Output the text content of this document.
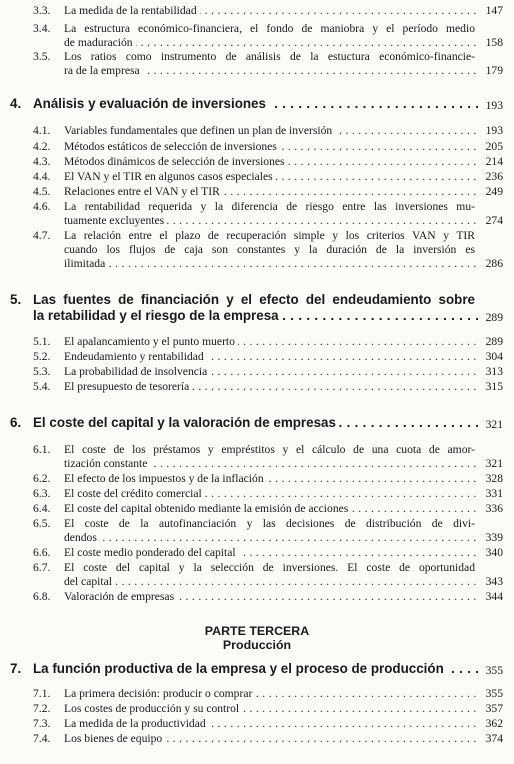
3.3. La medida de la rentabilidad . . .	147
3.4. La estructura económico-financiera, el fondo de maniobra y el período medio
de maduración . . .	158
3.5. Los ratios como instrumento de análisis de la estuctura económico-financie-
ra de la empresa . . .	179
4. Análisis y evaluación de inversiones . . .	193
4.1. Variables fundamentales que definen un plan de inversión . . .	193
4.2. Métodos estáticos de selección de inversiones . . .	205
4.3. Métodos dinámicos de selección de inversiones . . .	214
4.4. El VAN y el TIR en algunos casos especiales . . .	236
4.5. Relaciones entre el VAN y el TIR . . .	249
4.6. La rentabilidad requerida y la diferencia de riesgo entre las inversiones mu-
tuamente excluyentes . . .	274
4.7. La relación entre el plazo de recuperación simple y los criterios VAN y TIR
cuando los flujos de caja son constantes y la duración de la inversión es
ilimitada . . .	286
5. Las fuentes de financiación y el efecto del endeudamiento sobre
la retabilidad y el riesgo de la empresa . . .	289
5.1. El apalancamiento y el punto muerto . . .	289
5.2. Endeudamiento y rentabilidad . . .	304
5.3. La probabilidad de insolvencia . . .	313
5.4. El presupuesto de tesorería . . .	315
6. El coste del capital y la valoración de empresas . . .	321
6.1. El coste de los préstamos y empréstitos y el cálculo de una cuota de amor-
tización constante . . .	321
6.2. El efecto de los impuestos y de la inflación . . .	328
6.3. El coste del crédito comercial . . .	331
6.4. El coste del capital obtenido mediante la emisión de acciones . . .	336
6.5. El coste de la autofinanciación y las decisiones de distribución de divi-
dendos . . .	339
6.6. El coste medio ponderado del capital . . .	340
6.7. El coste del capital y la selección de inversiones. El coste de oportunidad
del capital . . .	343
6.8. Valoración de empresas . . .	344
7. La función productiva de la empresa y el proceso de producción . . .	355
7.1. La primera decisión: producir o comprar . . .	355
7.2. Los costes de producción y su control . . .	357
7.3. La medida de la productividad . . .	362
7.4. Los bienes de equipo . . .	374
PARTE TERCERA
Producción
